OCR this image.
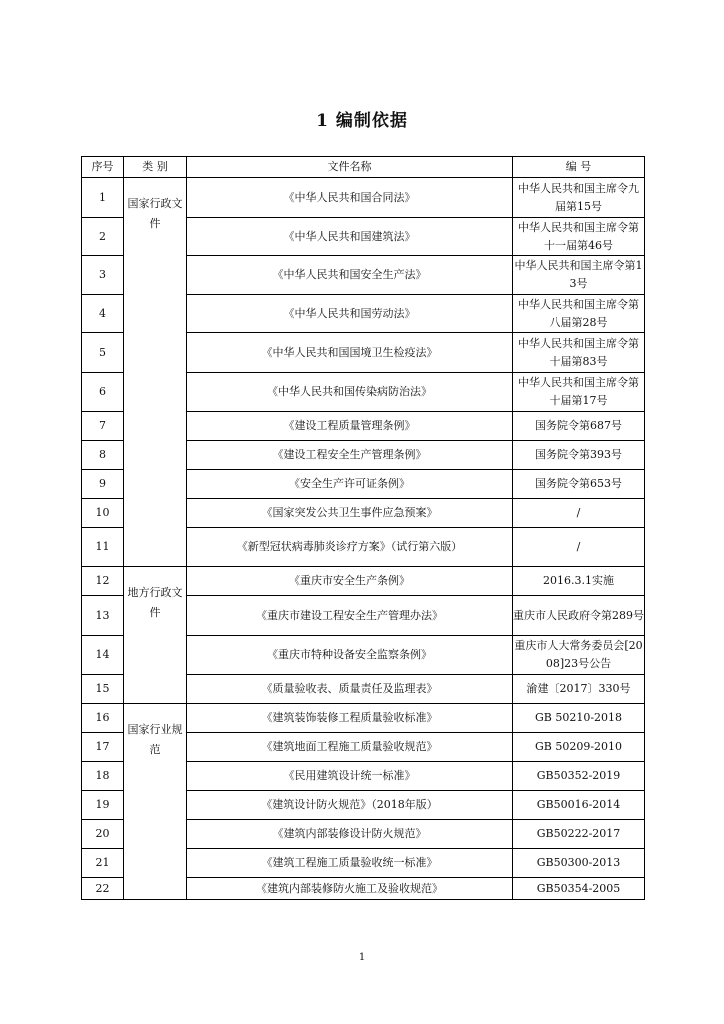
1 编制依据
序号	类 别	文件名称	编 号
1	国家行政文件	《中华人民共和国合同法》	中华人民共和国主席令九届第15号
2		《中华人民共和国建筑法》	中华人民共和国主席令第十一届第46号
3		《中华人民共和国安全生产法》	中华人民共和国主席令第13号
4		《中华人民共和国劳动法》	中华人民共和国主席令第八届第28号
5		《中华人民共和国国境卫生检疫法》	中华人民共和国主席令第十届第83号
6		《中华人民共和国传染病防治法》	中华人民共和国主席令第十届第17号
7		《建设工程质量管理条例》	国务院令第687号
8		《建设工程安全生产管理条例》	国务院令第393号
9		《安全生产许可证条例》	国务院令第653号
10		《国家突发公共卫生事件应急预案》	/
11		《新型冠状病毒肺炎诊疗方案》（试行第六版）	/
12	地方行政文件	《重庆市安全生产条例》	2016.3.1实施
13		《重庆市建设工程安全生产管理办法》	重庆市人民政府令第289号
14		《重庆市特种设备安全监察条例》	重庆市人大常务委员会[2008]23号公告
15		《质量验收表、质量责任及监理表》	渝建〔2017〕330号
16	国家行业规范	《建筑装饰装修工程质量验收标准》	GB 50210-2018
17		《建筑地面工程施工质量验收规范》	GB 50209-2010
18		《民用建筑设计统一标准》	GB50352-2019
19		《建筑设计防火规范》（2018年版）	GB50016-2014
20		《建筑内部装修设计防火规范》	GB50222-2017
21		《建筑工程施工质量验收统一标准》	GB50300-2013
22		《建筑内部装修防火施工及验收规范》	GB50354-2005
1
